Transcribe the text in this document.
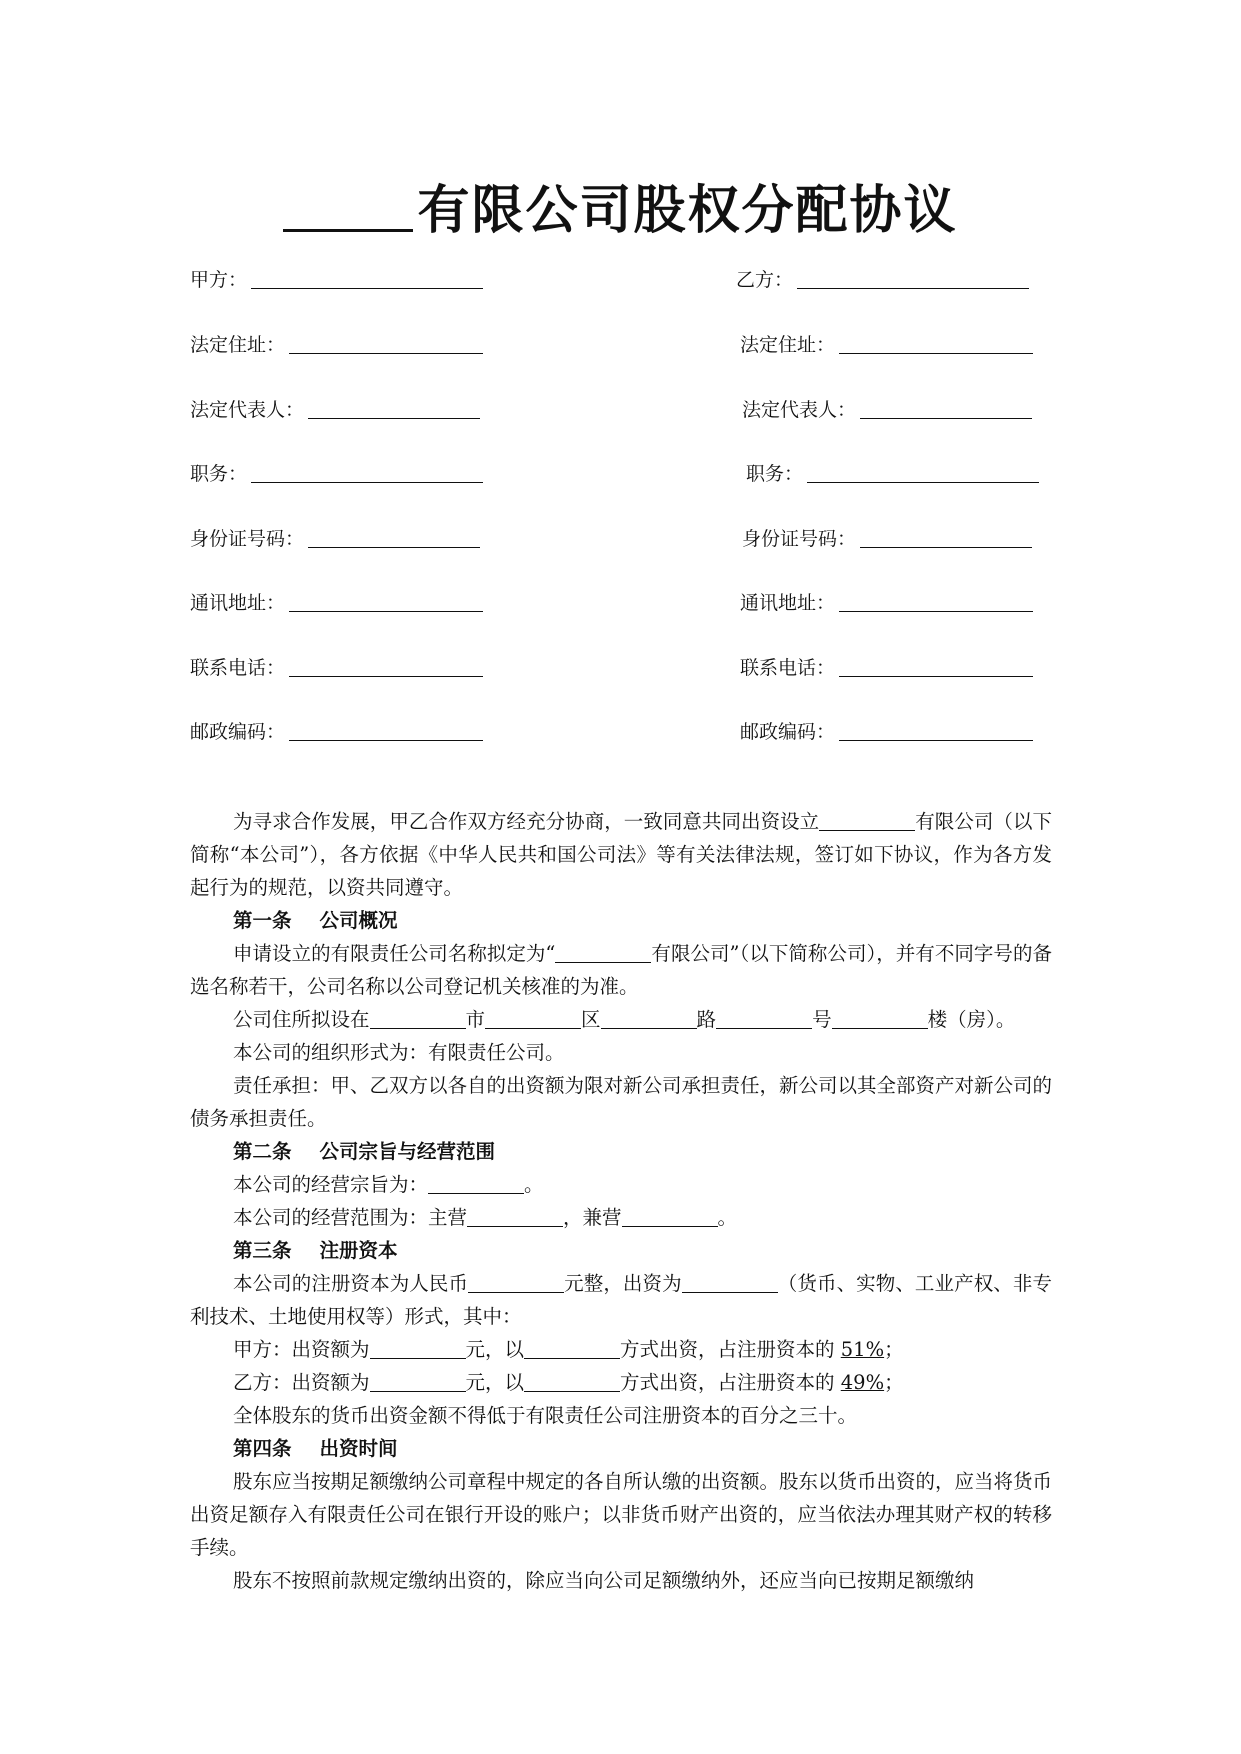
有限公司股权分配协议
甲方：
法定住址：
法定代表人：
职务：
身份证号码：
通讯地址：
联系电话：
邮政编码：
乙方：
法定住址：
法定代表人：
职务：
身份证号码：
通讯地址：
联系电话：
邮政编码：

为寻求合作发展，甲乙合作双方经充分协商，一致同意共同出资设立	有限公司（以下简称“本公司”），各方依据《中华人民共和国公司法》等有关法律法规，签订如下协议，作为各方发起行为的规范，以资共同遵守。

第一条 公司概况

申请设立的有限责任公司名称拟定为“	有限公司”（以下简称公司），并有不同字号的备选名称若干，公司名称以公司登记机关核准的为准。

公司住所拟设在	市	区	路	号	楼（房）。

本公司的组织形式为：有限责任公司。

责任承担：甲、乙双方以各自的出资额为限对新公司承担责任，新公司以其全部资产对新公司的债务承担责任。

第二条 公司宗旨与经营范围

本公司的经营宗旨为：	。

本公司的经营范围为：主营	，兼营	。

第三条 注册资本

本公司的注册资本为人民币	元整，出资为	（货币、实物、工业产权、非专利技术、土地使用权等）形式，其中：

甲方：出资额为	元，以	方式出资，占注册资本的 51%；

乙方：出资额为	元，以	方式出资，占注册资本的 49%；

全体股东的货币出资金额不得低于有限责任公司注册资本的百分之三十。

第四条 出资时间

股东应当按期足额缴纳公司章程中规定的各自所认缴的出资额。股东以货币出资的，应当将货币出资足额存入有限责任公司在银行开设的账户；以非货币财产出资的，应当依法办理其财产权的转移手续。

股东不按照前款规定缴纳出资的，除应当向公司足额缴纳外，还应当向已按期足额缴纳
